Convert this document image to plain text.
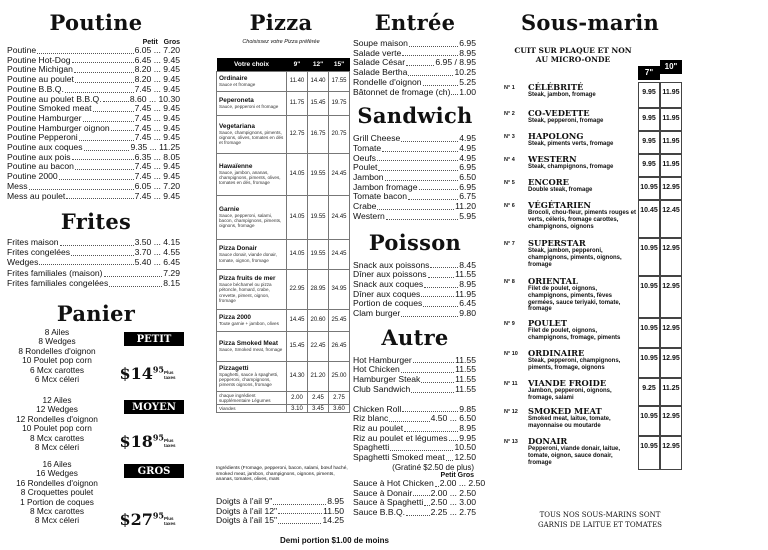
Poutine
Petit Gros
Poutine	6.05 ... 7.20
Poutine Hot-Dog	6.45 ... 9.45
Poutine Michigan	8.20 ... 9.45
Poutine au poulet	8.20 ... 9.45
Poutine B.B.Q.	7.45 ... 9.45
Poutine au poulet B.B.Q.	8.60 ... 10.30
Poutine Smoked meat	7.45 ... 9.45
Poutine Hamburger	7.45 ... 9.45
Poutine Hamburger oignon	7.45 ... 9.45
Poutine Pepperoni	7.45 ... 9.45
Poutine aux coques	9.35 ... 11.25
Poutine aux pois	6.35 ... 8.05
Poutine au bacon	7.45 ... 9.45
Poutine 2000	7.45 ... 9.45
Mess	6.05 ... 7.20
Mess au poulet	7.45 ... 9.45
Frites
Frites maison	3.50 ... 4.15
Frites congelées	3.70 ... 4.55
Wedges	5.40 ... 6.45
Frites familiales (maison)	7.29
Frites familiales congelées	8.15
Panier
8 Ailes
8 Wedges
8 Rondelles d'oignon
10 Poulet pop corn
6 Mcx carottes
6 Mcx céleri
PETIT
$\$14^{95}Plus$ taxes
12 Ailes
12 Wedges
12 Rondelles d'oignon
10 Poulet pop corn
8 Mcx carottes
8 Mcx céleri
MOYEN
$\$18^{95}Plus$ taxes
16 Ailes
16 Wedges
16 Rondelles d'oignon
8 Croquettes poulet
1 Portion de coques
8 Mcx carottes
8 Mcx céleri
GROS
$\$27^{95}Plus$ taxes
Pizza
Choisissez votre Pizza préférée
Votre choix	9"	12"	15"

Ordinaire
Sauce et fromage	11.40	14.40	17.55

Peperoneta
Sauce, pepperoni et fromage	11.75	15.45	19.75

Vegetariana
Sauce, champignons, piments, oignons, olives, tomates en dés et fromage	12.75	16.75	20.75

Hawaïenne
Sauce, jambon, ananas, champignons, piments, olives, tomates en dés, fromage	14.05	19.55	24.45

Garnie
Sauce, pepperoni, salami, bacon, champignons, piments, oignons, fromage	14.05	19.55	24.45

Pizza Donair
Sauce donair, viande donair, tomate, oignon, fromage	14.05	19.55	24.45

Pizza fruits de mer
Sauce béchamel ou pizza pétoncle, homard, crabe, crevette, piment, oignon, fromage	22.95	28.95	34.95

Pizza 2000
Toute garnie + jambon, olives	14.45	20.60	25.45

Pizza Smoked Meat
Sauce, Smoked meat, fromage	15.45	22.45	26.45

Pizzagetti
Spaghetti, sauce à spaghetti, pepperoni, champignons, piments oignons, fromage	14.30	21.20	25.00

chaque ingrédient supplémentaire Légumes	2.00	2.45	2.75

Viandes	3.10	3.45	3.60
Ingrédients (Fromage, pepperoni, bacon, salami, bœuf haché, smoked meat, jambon, champignons, oignons, piments, ananas, tomates, olives, maïs
Doigts à l'ail 9"	8.95
Doigts à l'ail 12"	11.50
Doigts à l'ail 15"	14.25
Demi portion $1.00 de moins
Entrée
Soupe maison	6.95
Salade verte	8.95
Salade César	6.95 / 8.95
Salade Bertha	10.25
Rondelle d'oignon	5.25
Bâtonnet de fromage (ch) 1.00
Sandwich
Grill Cheese	4.95
Tomate	4.95
Oeufs	4.95
Poulet	6.95
Jambon	6.50
Jambon fromage	6.95
Tomate bacon	6.75
Crabe	11.20
Western	5.95
Poisson
Snack aux poissons	8.45
Dîner aux poissons	11.55
Snack aux coques	8.95
Dîner aux coques	11.95
Portion de coques	6.45
Clam burger	9.80
Autre
Hot Hamburger	11.55
Hot Chicken	11.55
Hamburger Steak	11.55
Club Sandwich	11.55
Chicken Roll	9.85
Riz blanc	4.50 ... 6.50
Riz au poulet	8.95
Riz au poulet et légumes 9.95
Spaghetti	10.50
Spaghetti Smoked meat 12.50
(Gratiné $2.50 de plus)
Petit Gros
Sauce à Hot Chicken 2.00 ... 2.50
Sauce à Donair 2.00 ... 2.50
Sauce à Spaghetti 2.50 ... 3.00
Sauce B.B.Q.	2.25 ... 2.75
Sous-marin
CUIT SUR PLAQUE ET NON AU MICRO-ONDE
7"
10"
N° 1 CÉLÉBRITÉ
Steak, jambon, fromage	9.95 11.95
N° 2 CO-VEDETTE
Steak, pepperoni, fromage	9.95 11.95
N° 3 HAPOLONG
Steak, piments verts, fromage	9.95 11.95
N° 4 WESTERN
Steak, champignons, fromage	9.95 11.95
N° 5 ENCORE
Double steak, fromage	10.95 12.95
N° 6 VÉGÉTARIEN
Brocoli, chou-fleur, piments rouges et verts, céleris, fromage carottes, champignons, oignons
10.45 12.45
N° 7 SUPERSTAR
Steak, jambon, pepperoni, champignons, piments, oignons, fromage
10.95 12.95
N° 8 ORIENTAL
Filet de poulet, oignons, champignons, piments, fèves germées, sauce teriyaki, tomate, fromage
10.95 12.95
N° 9 POULET
Filet de poulet, oignons, champignons, fromage, piments
10.95 12.95
N° 10 ORDINAIRE
Steak, pepperoni, champignons, piments, fromage, oignons
10.95 12.95
N° 11 VIANDE FROIDE
Jambon, pepperoni, oignons, fromage, salami
9.25 11.25
N° 12 SMOKED MEAT
Smoked meat, laitue, tomate, mayonnaise ou moutarde
10.95 12.95
N° 13 DONAIR
Pepperoni, viande donair, laitue, tomate, oignon, sauce donair, fromage
10.95 12.95
TOUS NOS SOUS-MARINS SONT
GARNIS DE LAITUE ET TOMATES
